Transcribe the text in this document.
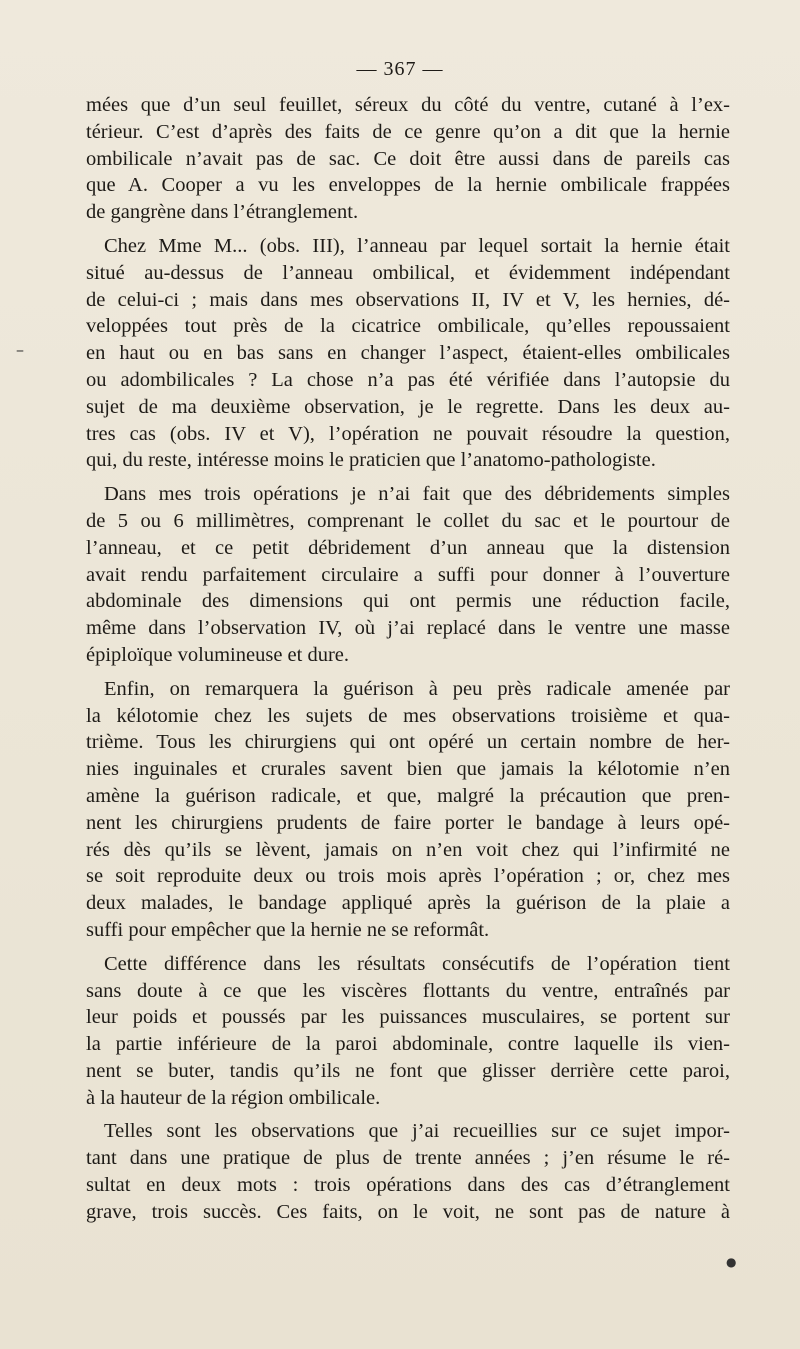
— 367 —
mées que d’un seul feuillet, séreux du côté du ventre, cutané à l’ex-
térieur. C’est d’après des faits de ce genre qu’on a dit que la hernie
ombilicale n’avait pas de sac. Ce doit être aussi dans de pareils cas
que A. Cooper a vu les enveloppes de la hernie ombilicale frappées
de gangrène dans l’étranglement.
Chez Mme M... (obs. III), l’anneau par lequel sortait la hernie était
situé au-dessus de l’anneau ombilical, et évidemment indépendant
de celui-ci ; mais dans mes observations II, IV et V, les hernies, dé-
veloppées tout près de la cicatrice ombilicale, qu’elles repoussaient
en haut ou en bas sans en changer l’aspect, étaient-elles ombilicales
ou adombilicales ? La chose n’a pas été vérifiée dans l’autopsie du
sujet de ma deuxième observation, je le regrette. Dans les deux au-
tres cas (obs. IV et V), l’opération ne pouvait résoudre la question,
qui, du reste, intéresse moins le praticien que l’anatomo-pathologiste.
Dans mes trois opérations je n’ai fait que des débridements simples
de 5 ou 6 millimètres, comprenant le collet du sac et le pourtour de
l’anneau, et ce petit débridement d’un anneau que la distension
avait rendu parfaitement circulaire a suffi pour donner à l’ouverture
abdominale des dimensions qui ont permis une réduction facile,
même dans l’observation IV, où j’ai replacé dans le ventre une masse
épiploïque volumineuse et dure.
Enfin, on remarquera la guérison à peu près radicale amenée par
la kélotomie chez les sujets de mes observations troisième et qua-
trième. Tous les chirurgiens qui ont opéré un certain nombre de her-
nies inguinales et crurales savent bien que jamais la kélotomie n’en
amène la guérison radicale, et que, malgré la précaution que pren-
nent les chirurgiens prudents de faire porter le bandage à leurs opé-
rés dès qu’ils se lèvent, jamais on n’en voit chez qui l’infirmité ne
se soit reproduite deux ou trois mois après l’opération ; or, chez mes
deux malades, le bandage appliqué après la guérison de la plaie a
suffi pour empêcher que la hernie ne se reformât.
Cette différence dans les résultats consécutifs de l’opération tient
sans doute à ce que les viscères flottants du ventre, entraînés par
leur poids et poussés par les puissances musculaires, se portent sur
la partie inférieure de la paroi abdominale, contre laquelle ils vien-
nent se buter, tandis qu’ils ne font que glisser derrière cette paroi,
à la hauteur de la région ombilicale.
Telles sont les observations que j’ai recueillies sur ce sujet impor-
tant dans une pratique de plus de trente années ; j’en résume le ré-
sultat en deux mots : trois opérations dans des cas d’étranglement
grave, trois succès. Ces faits, on le voit, ne sont pas de nature à
–
●
